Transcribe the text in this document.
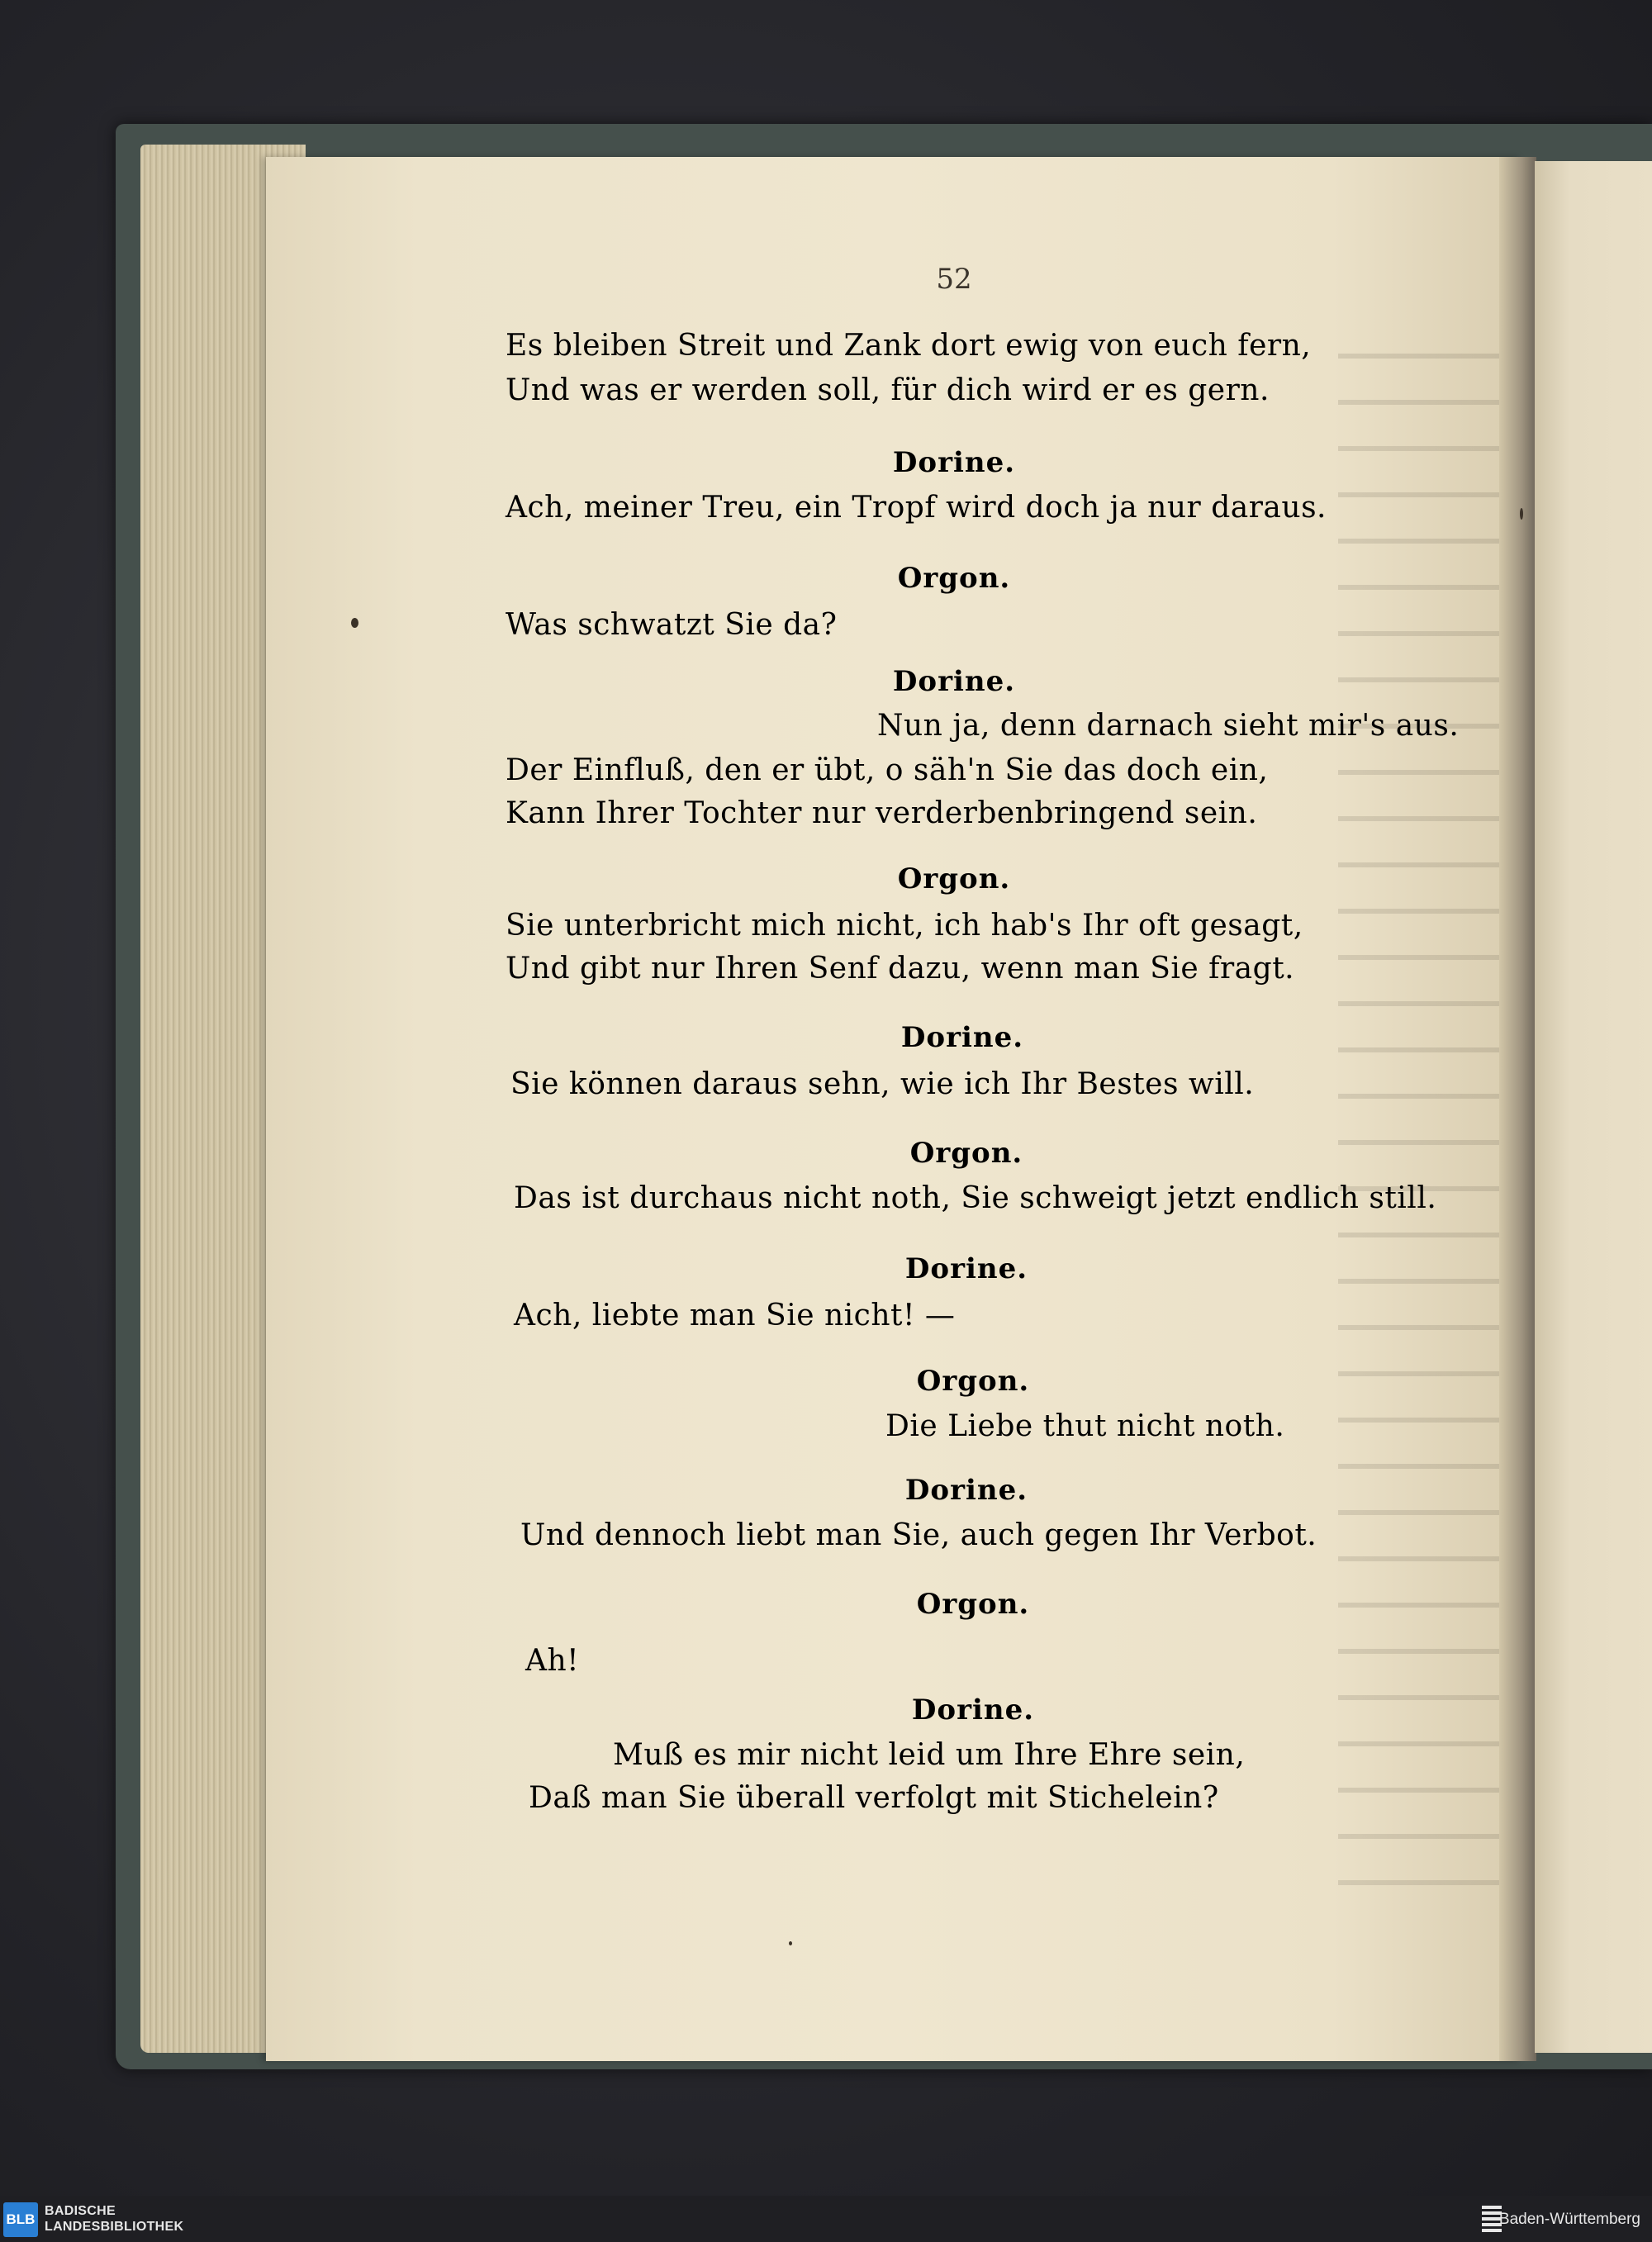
52
Es bleiben Streit und Zank dort ewig von euch fern,
Und was er werden soll, für dich wird er es gern.
Dorine.
Ach, meiner Treu, ein Tropf wird doch ja nur daraus.
Orgon.
Was schwatzt Sie da?
Dorine.
Nun ja, denn darnach sieht mir's aus.
Der Einfluß, den er übt, o säh'n Sie das doch ein,
Kann Ihrer Tochter nur verderbenbringend sein.
Orgon.
Sie unterbricht mich nicht, ich hab's Ihr oft gesagt,
Und gibt nur Ihren Senf dazu, wenn man Sie fragt.
Dorine.
Sie können daraus sehn, wie ich Ihr Bestes will.
Orgon.
Das ist durchaus nicht noth, Sie schweigt jetzt endlich still.
Dorine.
Ach, liebte man Sie nicht! —
Orgon.
Die Liebe thut nicht noth.
Dorine.
Und dennoch liebt man Sie, auch gegen Ihr Verbot.
Orgon.
Ah!
Dorine.
Muß es mir nicht leid um Ihre Ehre sein,
Daß man Sie überall verfolgt mit Stichelein?
BLB
BADISCHE
LANDESBIBLIOTHEK	Baden-Württemberg
